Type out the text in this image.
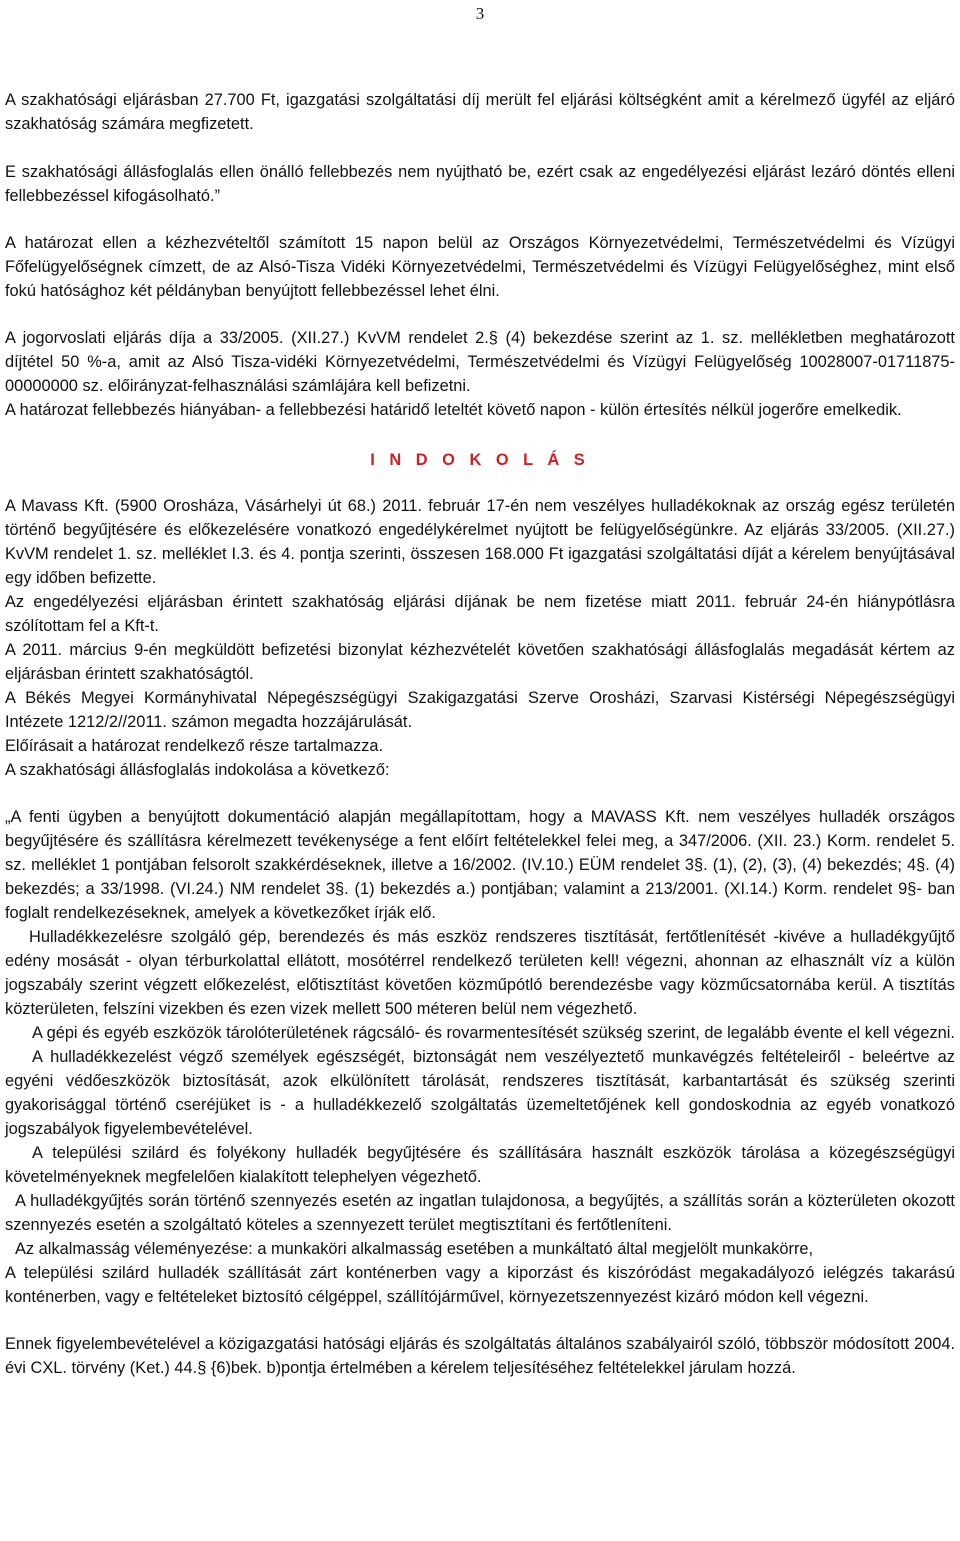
3

A szakhatósági eljárásban 27.700 Ft, igazgatási szolgáltatási díj merült fel eljárási költségként amit a kérelmező ügyfél az eljáró szakhatóság számára megfizetett.

E szakhatósági állásfoglalás ellen önálló fellebbezés nem nyújtható be, ezért csak az engedélyezési eljárást lezáró döntés elleni fellebbezéssel kifogásolható.”

A határozat ellen a kézhezvételtől számított 15 napon belül az Országos Környezetvédelmi, Természetvédelmi és Vízügyi Főfelügyelőségnek címzett, de az Alsó-Tisza Vidéki Környezetvédelmi, Természetvédelmi és Vízügyi Felügyelőséghez, mint első fokú hatósághoz két példányban benyújtott fellebbezéssel lehet élni.

A jogorvoslati eljárás díja a 33/2005. (XII.27.) KvVM rendelet 2.§ (4) bekezdése szerint az 1. sz. mellékletben meghatározott díjtétel 50 %-a, amit az Alsó Tisza-vidéki Környezetvédelmi, Természetvédelmi és Vízügyi Felügyelőség 10028007-01711875-00000000 sz. előirányzat-felhasználási számlájára kell befizetni.

A határozat fellebbezés hiányában- a fellebbezési határidő leteltét követő napon - külön értesítés nélkül jogerőre emelkedik.

I N D O K O L Á S

A Mavass Kft. (5900 Orosháza, Vásárhelyi út 68.) 2011. február 17-én nem veszélyes hulladékoknak az ország egész területén történő begyűjtésére és előkezelésére vonatkozó engedélykérelmet nyújtott be felügyelőségünkre. Az eljárás 33/2005. (XII.27.) KvVM rendelet 1. sz. melléklet I.3. és 4. pontja szerinti, összesen 168.000 Ft igazgatási szolgáltatási díját a kérelem benyújtásával egy időben befizette.

Az engedélyezési eljárásban érintett szakhatóság eljárási díjának be nem fizetése miatt 2011. február 24-én hiánypótlásra szólítottam fel a Kft-t.

A 2011. március 9-én megküldött befizetési bizonylat kézhezvételét követően szakhatósági állásfoglalás megadását kértem az eljárásban érintett szakhatóságtól.

A Békés Megyei Kormányhivatal Népegészségügyi Szakigazgatási Szerve Orosházi, Szarvasi Kistérségi Népegészségügyi Intézete 1212/2//2011. számon megadta hozzájárulását.

Előírásait a határozat rendelkező része tartalmazza.

A szakhatósági állásfoglalás indokolása a következő:

„A fenti ügyben a benyújtott dokumentáció alapján megállapítottam, hogy a MAVASS Kft. nem veszélyes hulladék országos begyűjtésére és szállításra kérelmezett tevékenysége a fent előírt feltételekkel felei meg, a 347/2006. (XII. 23.) Korm. rendelet 5. sz. melléklet 1 pontjában felsorolt szakkérdéseknek, illetve a 16/2002. (IV.10.) EÜM rendelet 3§. (1), (2), (3), (4) bekezdés; 4§. (4) bekezdés; a 33/1998. (VI.24.) NM rendelet 3§. (1) bekezdés a.) pontjában; valamint a 213/2001. (XI.14.) Korm. rendelet 9§- ban foglalt rendelkezéseknek, amelyek a következőket írják elő.

Hulladékkezelésre szolgáló gép, berendezés és más eszköz rendszeres tisztítását, fertőtlenítését -kivéve a hulladékgyűjtő edény mosását - olyan térburkolattal ellátott, mosótérrel rendelkező területen kell! végezni, ahonnan az elhasznált víz a külön jogszabály szerint végzett előkezelést, előtisztítást követően közműpótló berendezésbe vagy közműcsatornába kerül. A tisztítás közterületen, felszíni vizekben és ezen vizek mellett 500 méteren belül nem végezhető.

A gépi és egyéb eszközök tárolóterületének rágcsáló- és rovarmentesítését szükség szerint, de legalább évente el kell végezni.

A hulladékkezelést végző személyek egészségét, biztonságát nem veszélyeztető munkavégzés feltételeiről - beleértve az egyéni védőeszközök biztosítását, azok elkülönített tárolását, rendszeres tisztítását, karbantartását és szükség szerinti gyakorisággal történő cseréjüket is - a hulladékkezelő szolgáltatás üzemeltetőjének kell gondoskodnia az egyéb vonatkozó jogszabályok figyelembevételével.

A települési szilárd és folyékony hulladék begyűjtésére és szállítására használt eszközök tárolása a közegészségügyi követelményeknek megfelelően kialakított telephelyen végezhető.

A hulladékgyűjtés során történő szennyezés esetén az ingatlan tulajdonosa, a begyűjtés, a szállítás során a közterületen okozott szennyezés esetén a szolgáltató köteles a szennyezett terület megtisztítani és fertőtleníteni.

Az alkalmasság véleményezése: a munkaköri alkalmasság esetében a munkáltató által megjelölt munkakörre,

A települési szilárd hulladék szállítását zárt konténerben vagy a kiporzást és kiszóródást megakadályozó ielégzés takarású konténerben, vagy e feltételeket biztosító célgéppel, szállítójárművel, környezetszennyezést kizáró módon kell végezni.

Ennek figyelembevételével a közigazgatási hatósági eljárás és szolgáltatás általános szabályairól szóló, többször módosított 2004. évi CXL. törvény (Ket.) 44.§ {6)bek. b)pontja értelmében a kérelem teljesítéséhez feltételekkel járulam hozzá.
